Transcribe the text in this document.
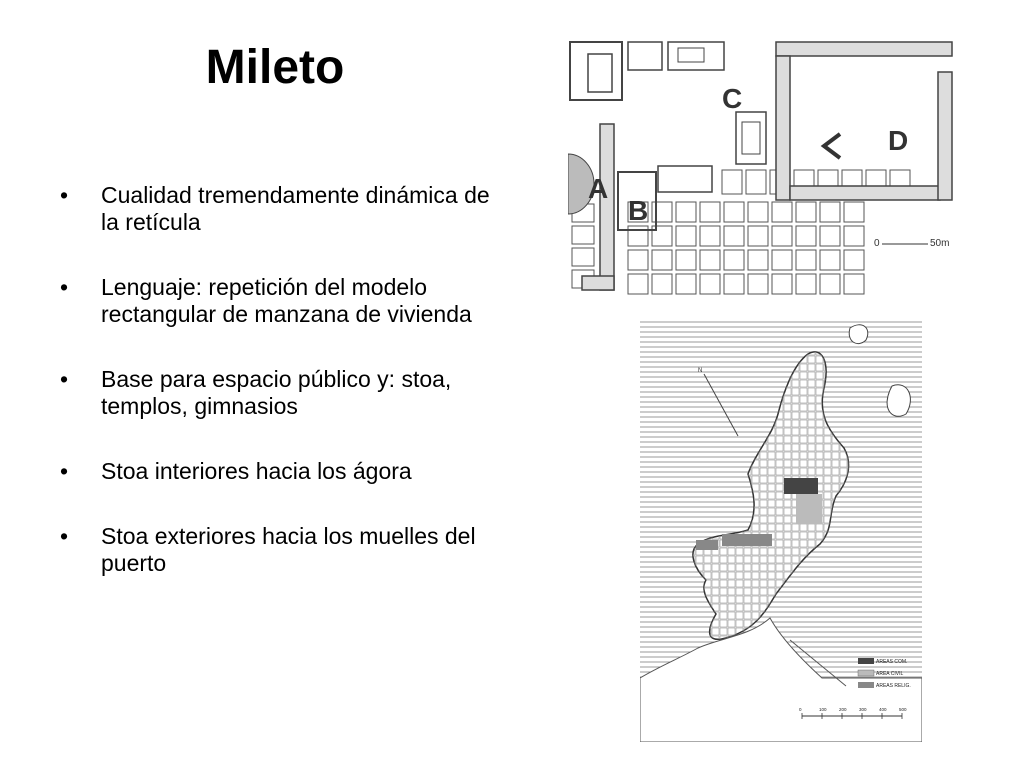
Mileto
• Cualidad tremendamente dinámica de la retícula
• Lenguaje: repetición del modelo rectangular de manzana de vivienda
• Base para espacio público y: stoa, templos, gimnasios
• Stoa interiores hacia los ágora
• Stoa exteriores hacia los muelles del puerto
A
B
C
D
0	50m
N
AREAS COM.
AREA CIVIL
AREAS RELIG.
0	100	200	300	400	500
